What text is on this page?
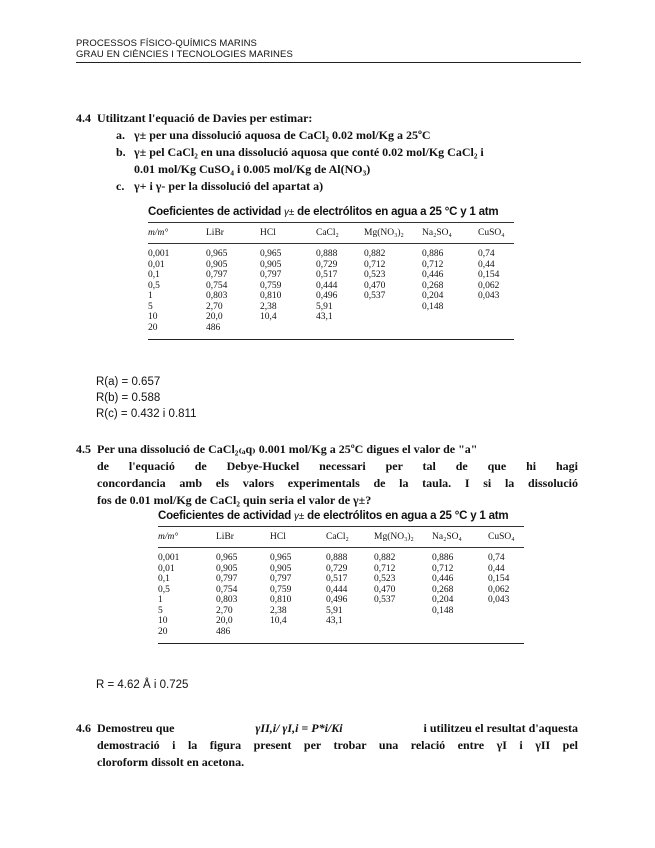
PROCESSOS FÍSICO-QUÍMICS MARINS
GRAU EN CIÈNCIES I TECNOLOGIES MARINES
4.4 Utilitzant l'equació de Davies per estimar:
a. γ± per una dissolució aquosa de CaCl₂ 0.02 mol/Kg a 25ºC
b. γ± pel CaCl₂ en una dissolució aquosa que conté 0.02 mol/Kg CaCl₂ i
0.01 mol/Kg CuSO₄ i 0.005 mol/Kg de Al(NO₃)
c. γ+ i γ- per la dissolució del apartat a)
Coeficientes de actividad γ± de electrólitos en agua a 25 °C y 1 atm
m/m°	LiBr	HCl	CaCl₂	Mg(NO₃)₂	Na₂SO₄	CuSO₄
0,001	0,965	0,965	0,888	0,882	0,886	0,74
0,01	0,905	0,905	0,729	0,712	0,712	0,44
0,1	0,797	0,797	0,517	0,523	0,446	0,154
0,5	0,754	0,759	0,444	0,470	0,268	0,062
1	0,803	0,810	0,496	0,537	0,204	0,043
5	2,70	2,38	5,91		0,148	
10	20,0	10,4	43,1			
20	486					
R(a) = 0.657
R(b) = 0.588
R(c) = 0.432 i 0.811
4.5 Per una dissolució de CaCl₂₍ₐq₎ 0.001 mol/Kg a 25ºC digues el valor de "a"
de l'equació de Debye-Huckel necessari per tal de que hi hagi
concordancia amb els valors experimentals de la taula. I si la dissolució
fos de 0.01 mol/Kg de CaCl₂ quin seria el valor de γ±?
Coeficientes de actividad γ± de electrólitos en agua a 25 °C y 1 atm
m/m°	LiBr	HCl	CaCl₂	Mg(NO₃)₂	Na₂SO₄	CuSO₄
0,001	0,965	0,965	0,888	0,882	0,886	0,74
0,01	0,905	0,905	0,729	0,712	0,712	0,44
0,1	0,797	0,797	0,517	0,523	0,446	0,154
0,5	0,754	0,759	0,444	0,470	0,268	0,062
1	0,803	0,810	0,496	0,537	0,204	0,043
5	2,70	2,38	5,91		0,148	
10	20,0	10,4	43,1			
20	486					
R = 4.62 Å i 0.725
4.6 Demostreu que	γII,i/ γI,i = P*i/Ki	i utilitzeu el resultat d'aquesta
demostració i la figura present per trobar una relació entre γI i γII pel
cloroform dissolt en acetona.
